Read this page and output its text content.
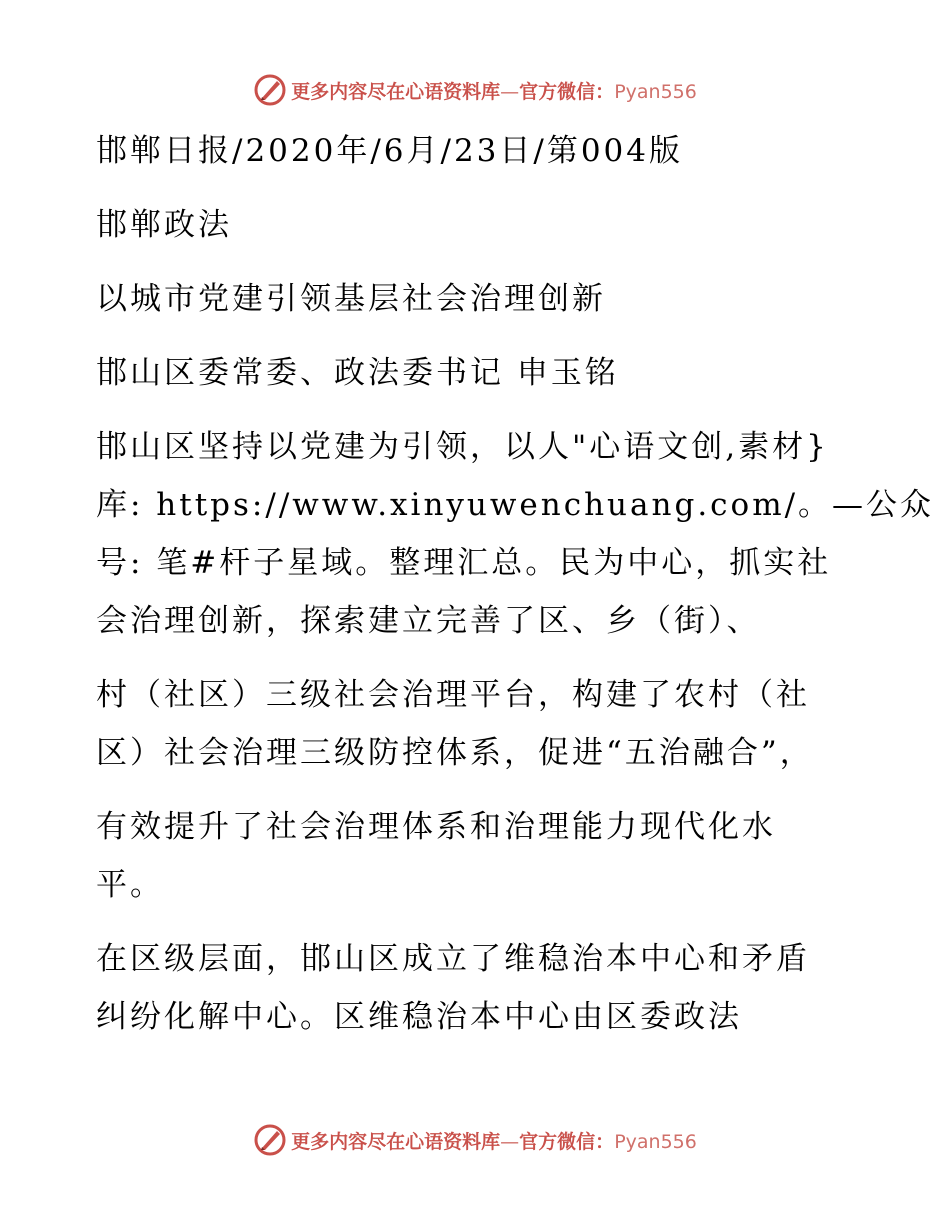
更多内容尽在心语资料库—官方微信：Pyan556
邯郸日报/2020年/6月/23日/第004版
邯郸政法
以城市党建引领基层社会治理创新
邯山区委常委、政法委书记 申玉铭
邯山区坚持以党建为引领，以人"心语文创,素材}
库: https://www.xinyuwenchuang.com/。—公众
号: 笔#杆子星域。整理汇总。民为中心，抓实社
会治理创新，探索建立完善了区、乡（街）、
村（社区）三级社会治理平台，构建了农村（社
区）社会治理三级防控体系，促进“五治融合”，
有效提升了社会治理体系和治理能力现代化水
平。
在区级层面，邯山区成立了维稳治本中心和矛盾
纠纷化解中心。区维稳治本中心由区委政法
更多内容尽在心语资料库—官方微信：Pyan556
